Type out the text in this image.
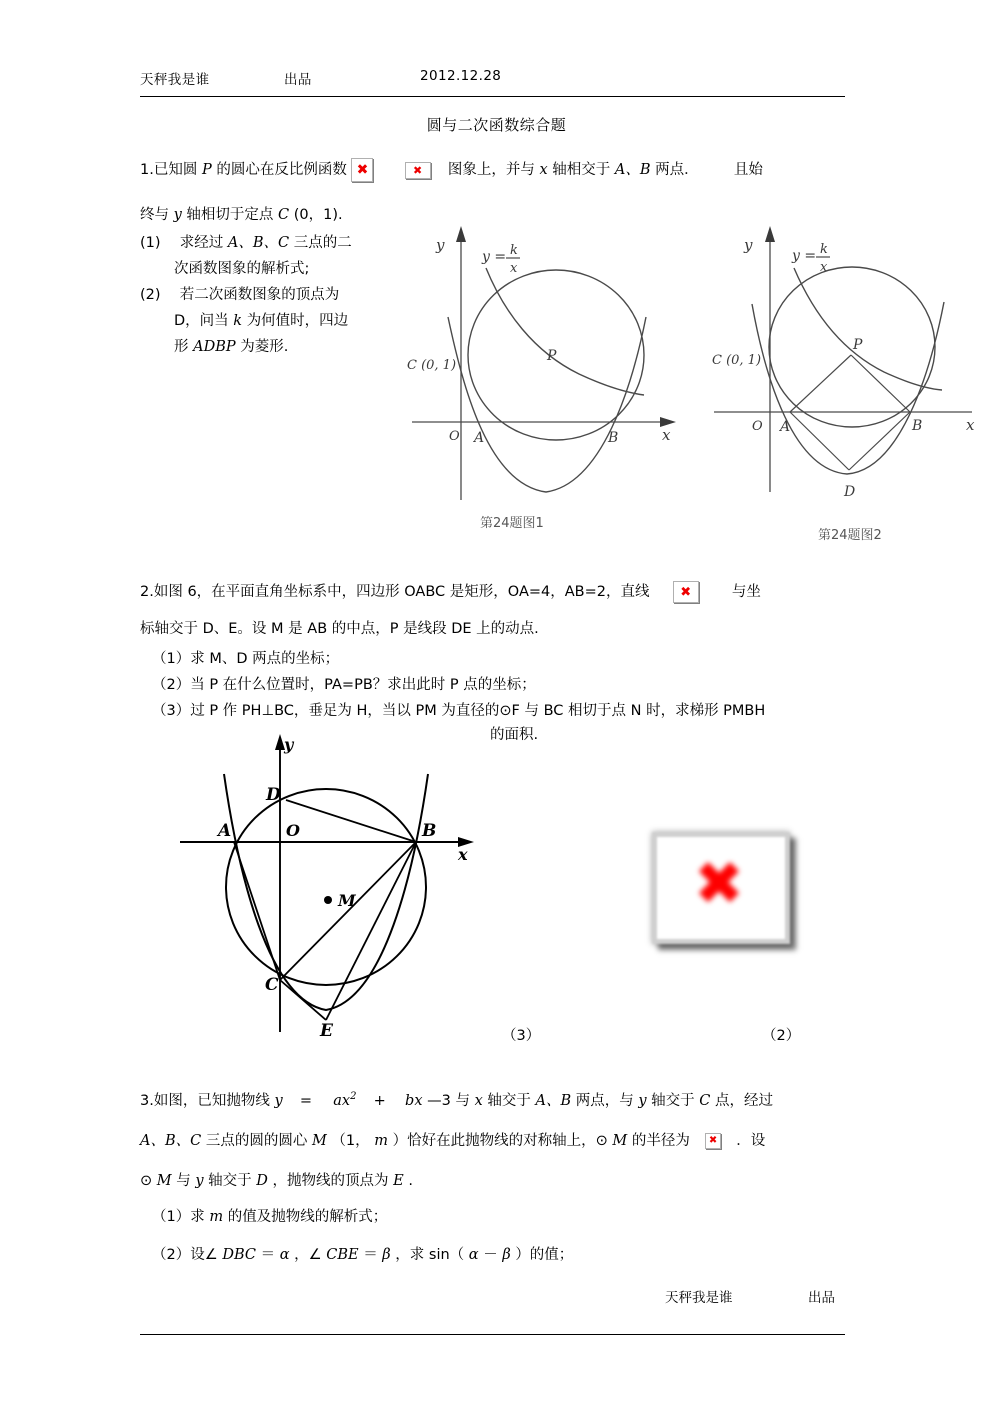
天秤我是谁	出品	2012.12.28
圆与二次函数综合题
1.已知圆 P 的圆心在反比例函数 ✖
	✖	图象上，并与 x 轴相交于 A、B 两点． 且始
终与 y 轴相切于定点 C (0，1).
(1) 求经过 A、B、C 三点的二
次函数图象的解析式;
(2) 若二次函数图象的顶点为
D，问当 k 为何值时，四边
形 ADBP 为菱形.
y
x
y = k
x
C (0, 1)
O A	B
P
第24题图1
y
x
y = k
x
C (0, 1)
O A	B
P
D
第24题图2
2.如图 6，在平面直角坐标系中，四边形 OABC 是矩形，OA=4，AB=2，直线	✖	与坐
标轴交于 D、E。设 M 是 AB 的中点，P 是线段 DE 上的动点.
（1）求 M、D 两点的坐标；
（2）当 P 在什么位置时，PA=PB？求出此时 P 点的坐标；
（3）过 P 作 PH⊥BC，垂足为 H，当以 PM 为直径的⊙F 与 BC 相切于点 N 时，求梯形 PMBH
的面积.
y
x
A	B
C
D
E
M
O
✖
（3）	（2）
3.如图，已知抛物线 $y = ax^2$ + bx —3 与 x 轴交于 A、B 两点，与 y 轴交于 C 点，经过
A、B、C 三点的圆的圆心 M （1， m ）恰好在此抛物线的对称轴上，⊙ M 的半径为 ✖ ．设
⊙ M 与 y 轴交于 D ，抛物线的顶点为 E .
（1）求 m 的值及抛物线的解析式；
（2）设∠ DBC ＝ α ，∠ CBE ＝ β ，求 sin（ α － β ）的值；
天秤我是谁	出品
